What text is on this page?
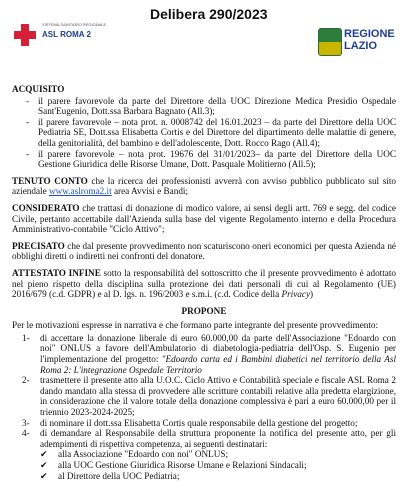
SISTEMA SANITARIO REGIONALE
ASL ROMA 2
Delibera 290/2023
REGIONE LAZIO

ACQUISITO

- il parere favorevole da parte del Direttore della UOC Direzione Medica Presidio Ospedale Sant'Eugenio, Dott.ssa Barbara Bagnato (All.3);
- il parere favorevole – nota prot. n. 0008742 del 16.01.2023 – da parte del Direttore della UOC Pediatria SE, Dott.ssa Elisabetta Cortis e del Direttore del dipartimento delle malattie di genere, della genitorialità, del bambino e dell'adolescente, Dott. Rocco Rago (All.4);
- il parere favorevole – nota prot. 19676 del 31/01/2023– da parte del Direttore della UOC Gestione Giuridica delle Risorse Umane, Dott. Pasquale Molitierno (All.5);

TENUTO CONTO che la ricerca dei professionisti avverrà con avviso pubblico pubblicato sul sito aziendale www.aslroma2.it area Avvisi e Bandi;

CONSIDERATO che trattasi di donazione di modico valore, ai sensi degli artt. 769 e segg. del codice Civile, pertanto accettabile dall'Azienda sulla base del vigente Regolamento interno e della Procedura Amministrativo-contabile "Ciclo Attivo";

PRECISATO che dal presente provvedimento non scaturiscono oneri economici per questa Azienda né obblighi diretti o indiretti nei confronti del donatore.

ATTESTATO INFINE sotto la responsabilità del sottoscritto che il presente provvedimento è adottato nel pieno rispetto della disciplina sulla protezione dei dati personali di cui al Regolamento (UE) 2016/679 (c.d. GDPR) e al D. lgs. n. 196/2003 e s.m.i. (c.d. Codice della Privacy)

PROPONE

Per le motivazioni espresse in narrativa e che formano parte integrante del presente provvedimento:

1- di accettare la donazione liberale di euro 60.000,00 da parte dell'Associazione "Edoardo con noi" ONLUS a favore dell'Ambulatorio di diabetologia-pediatria dell'Osp. S. Eugenio per l'implementazione del progetto: "Edoardo carta ed i Bambini diabetici nel territorio della Asl Roma 2: L'integrazione Ospedale Territorio
2- trasmettere il presente atto alla U.O.C. Ciclo Attivo e Contabilità speciale e fiscale ASL Roma 2 dando mandato alla stessa di provvedere alle scritture contabili relative alla predetta elargizione, in considerazione che il valore totale della donazione complessiva è pari a euro 60.000,00 per il triennio 2023-2024-2025;
3- di nominare il dott.ssa Elisabetta Cortis quale responsabile della gestione del progetto;
4- di demandare al Responsabile della struttura proponente la notifica del presente atto, per gli adempimenti di rispettiva competenza, ai seguenti destinatari:
✔ alla Associazione "Edoardo con noi" ONLUS;
✔ alla UOC Gestione Giuridica Risorse Umane e Relazioni Sindacali;
✔ al Direttore della UOC Pediatria;
